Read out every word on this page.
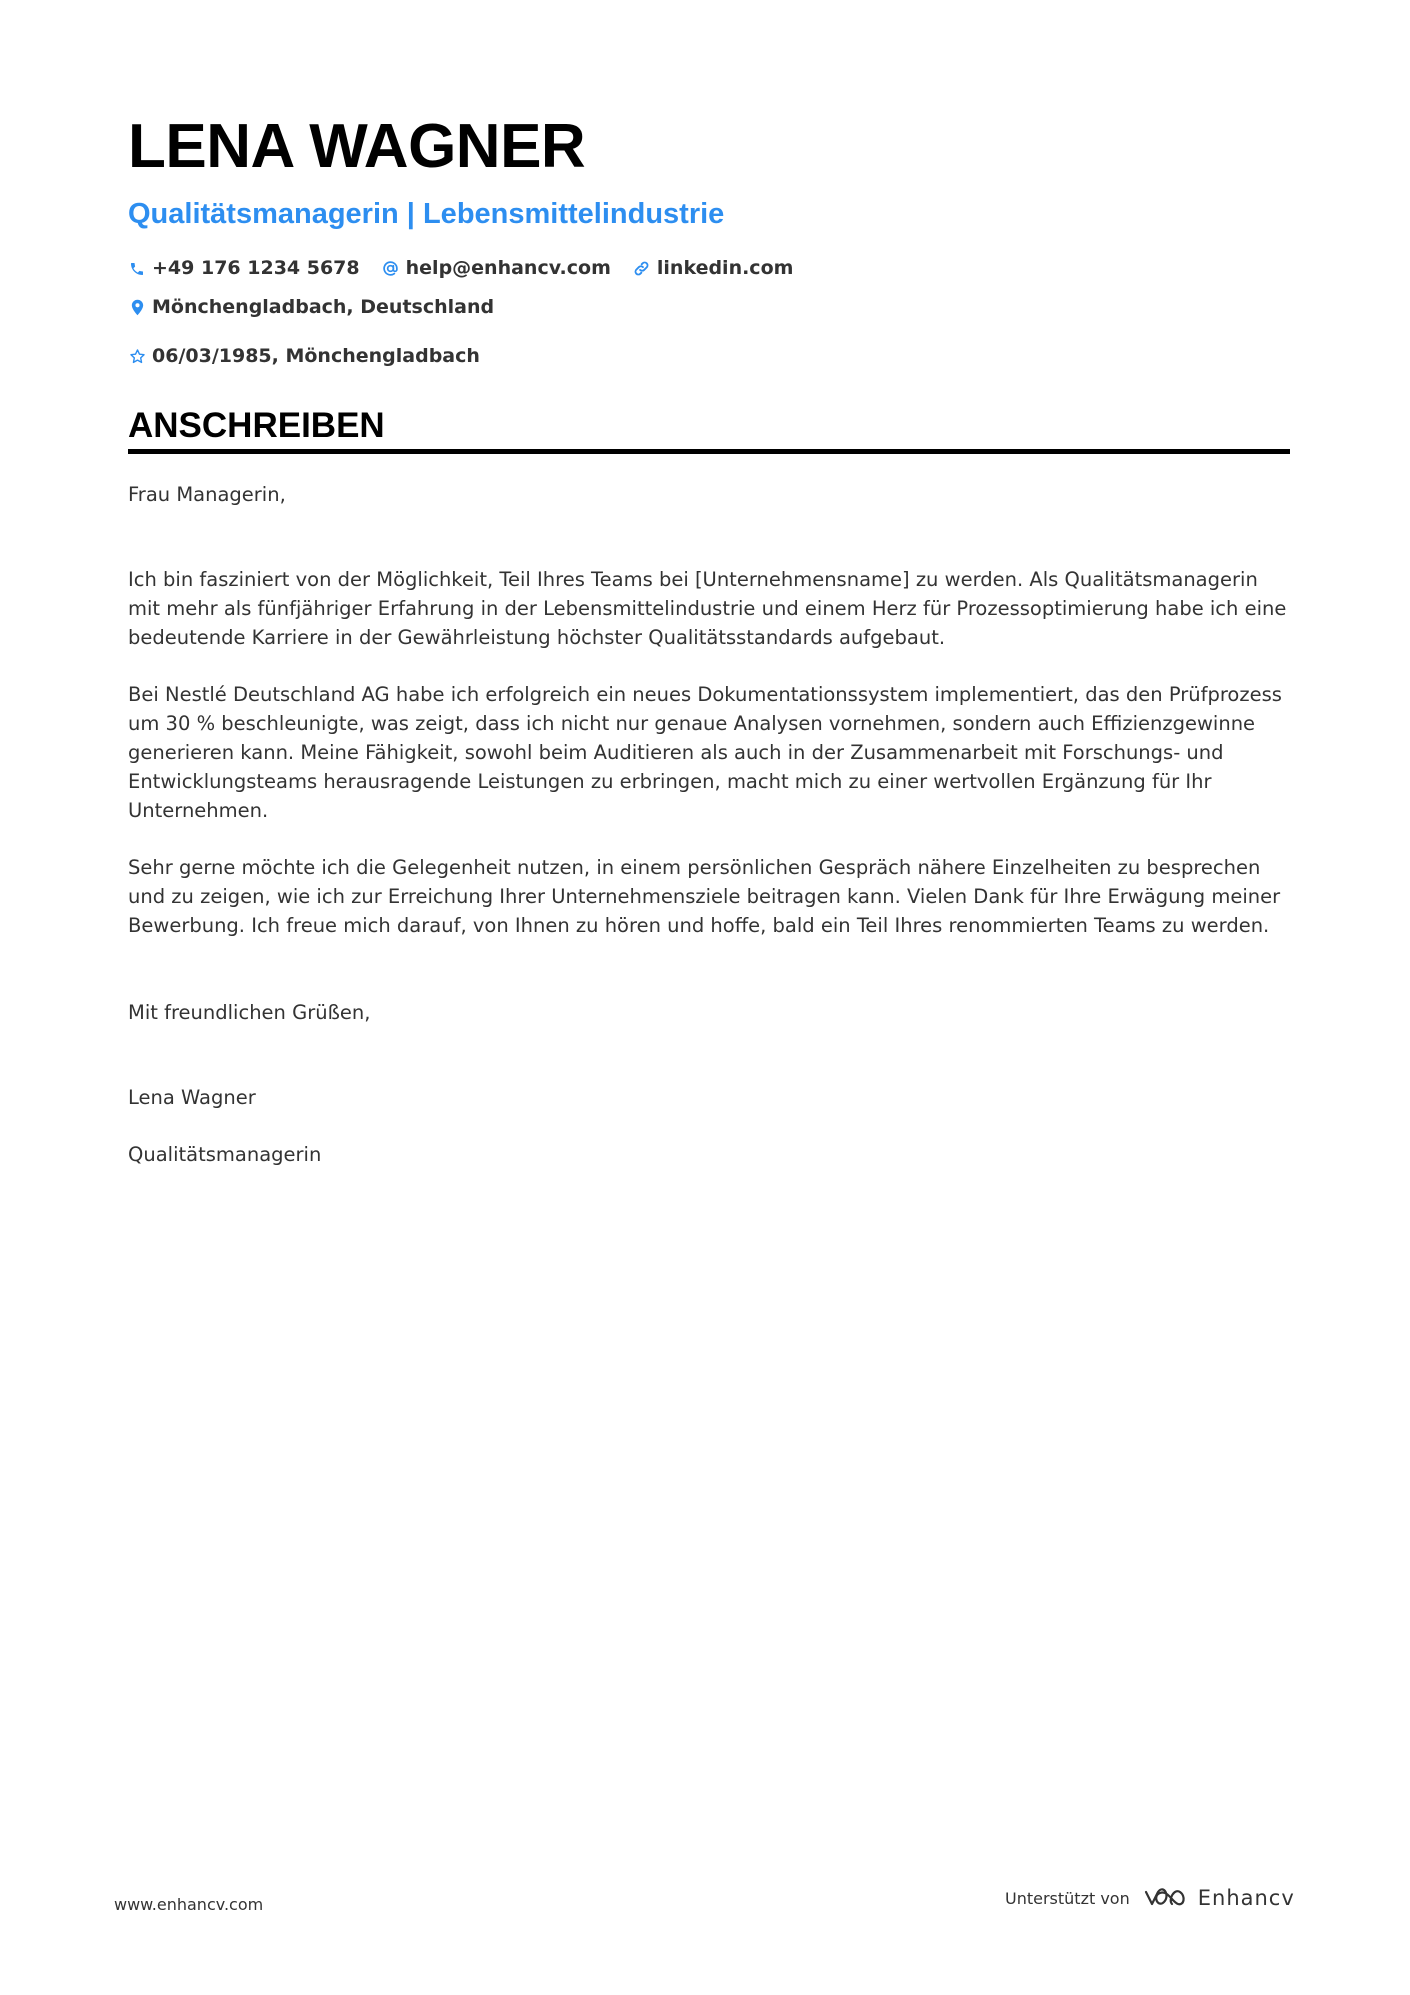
LENA WAGNER
Qualitätsmanagerin | Lebensmittelindustrie
+49 176 1234 5678 help@enhancv.com linkedin.com
Mönchengladbach, Deutschland
06/03/1985, Mönchengladbach
ANSCHREIBEN

Frau Managerin,

Ich bin fasziniert von der Möglichkeit, Teil Ihres Teams bei [Unternehmensname] zu werden. Als Qualitätsmanagerin mit mehr als fünfjähriger Erfahrung in der Lebensmittelindustrie und einem Herz für Prozessoptimierung habe ich eine bedeutende Karriere in der Gewährleistung höchster Qualitätsstandards aufgebaut.

Bei Nestlé Deutschland AG habe ich erfolgreich ein neues Dokumentationssystem implementiert, das den Prüfprozess um 30 % beschleunigte, was zeigt, dass ich nicht nur genaue Analysen vornehmen, sondern auch Effizienzgewinne generieren kann. Meine Fähigkeit, sowohl beim Auditieren als auch in der Zusammenarbeit mit Forschungs- und Entwicklungsteams herausragende Leistungen zu erbringen, macht mich zu einer wertvollen Ergänzung für Ihr Unternehmen.

Sehr gerne möchte ich die Gelegenheit nutzen, in einem persönlichen Gespräch nähere Einzelheiten zu besprechen und zu zeigen, wie ich zur Erreichung Ihrer Unternehmensziele beitragen kann. Vielen Dank für Ihre Erwägung meiner Bewerbung. Ich freue mich darauf, von Ihnen zu hören und hoffe, bald ein Teil Ihres renommierten Teams zu werden.

Mit freundlichen Grüßen,

Lena Wagner

Qualitätsmanagerin

www.enhancv.com	Unterstützt von	Enhancv
